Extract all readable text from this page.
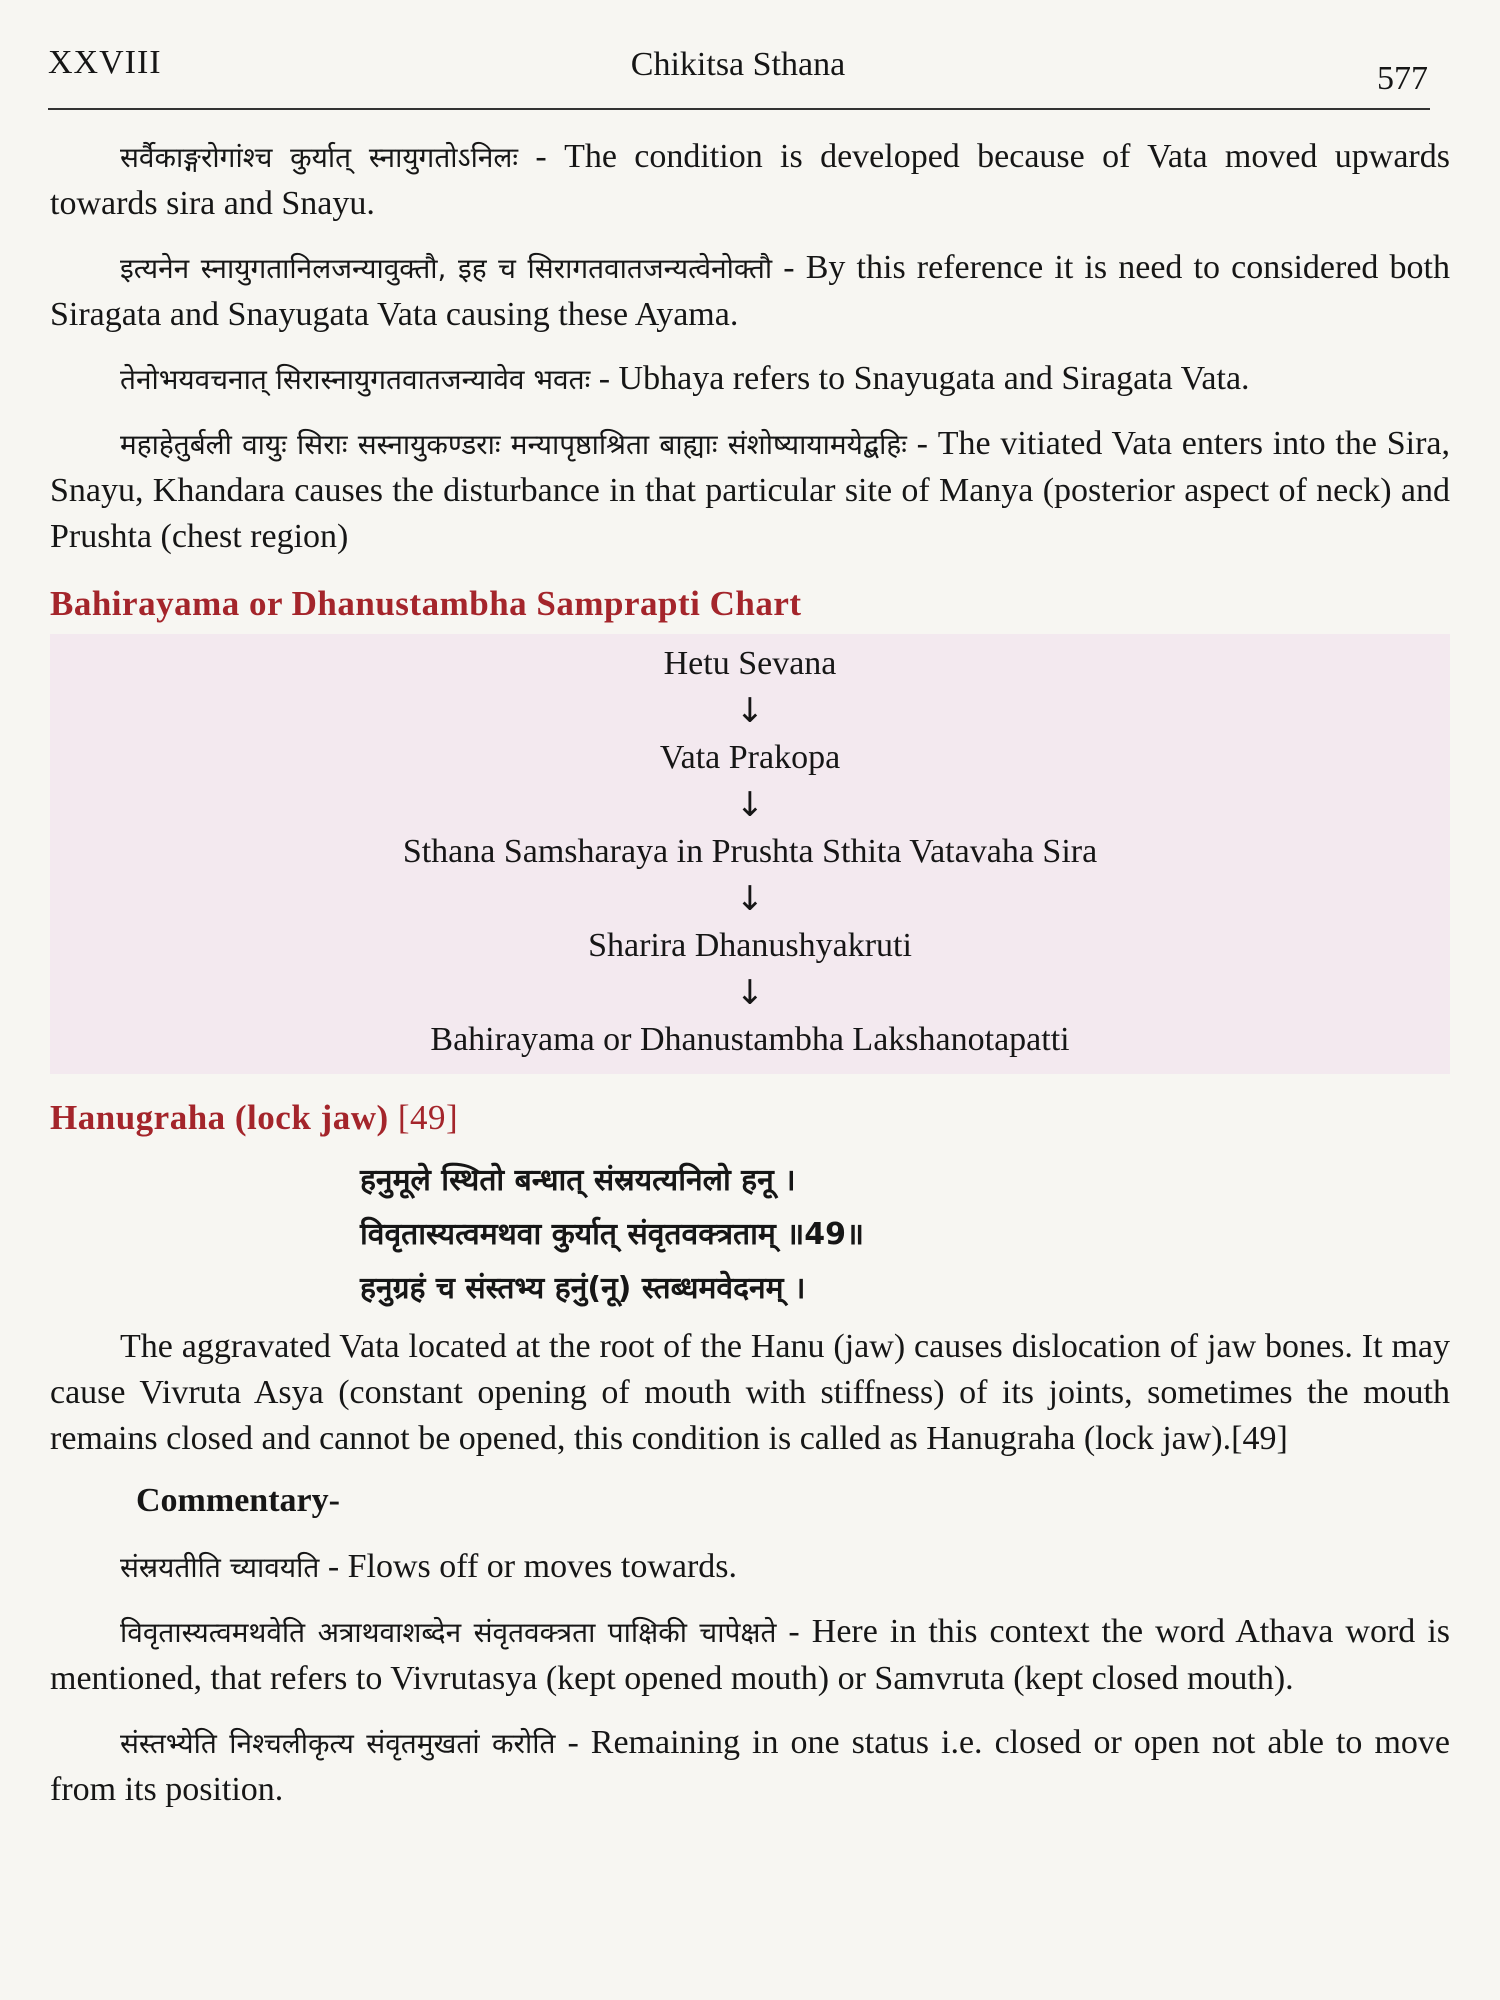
XXVIII	Chikitsa Sthana	577

सर्वैकाङ्गरोगांश्च कुर्यात् स्नायुगतोऽनिलः - The condition is developed because of Vata moved upwards towards sira and Snayu.

इत्यनेन स्नायुगतानिलजन्यावुक्तौ, इह च सिरागतवातजन्यत्वेनोक्तौ - By this reference it is need to considered both Siragata and Snayugata Vata causing these Ayama.

तेनोभयवचनात् सिरास्नायुगतवातजन्यावेव भवतः - Ubhaya refers to Snayugata and Siragata Vata.

महाहेतुर्बली वायुः सिराः सस्नायुकण्डराः मन्यापृष्ठाश्रिता बाह्याः संशोष्यायामयेद्बहिः - The vitiated Vata enters into the Sira, Snayu, Khandara causes the disturbance in that particular site of Manya (posterior aspect of neck) and Prushta (chest region)

Bahirayama or Dhanustambha Samprapti Chart
Hetu Sevana
↓
Vata Prakopa
↓
Sthana Samsharaya in Prushta Sthita Vatavaha Sira
↓
Sharira Dhanushyakruti
↓
Bahirayama or Dhanustambha Lakshanotapatti
Hanugraha (lock jaw) [49]
हनुमूले स्थितो बन्धात् संस्रयत्यनिलो हनू ।
विवृतास्यत्वमथवा कुर्यात् संवृतवक्त्रताम् ॥49॥
हनुग्रहं च संस्तभ्य हनुं(नू) स्तब्धमवेदनम् ।

The aggravated Vata located at the root of the Hanu (jaw) causes dislocation of jaw bones. It may cause Vivruta Asya (constant opening of mouth with stiffness) of its joints, sometimes the mouth remains closed and cannot be opened, this condition is called as Hanugraha (lock jaw).[49]

Commentary-

संस्रयतीति च्यावयति - Flows off or moves towards.

विवृतास्यत्वमथवेति अत्राथवाशब्देन संवृतवक्त्रता पाक्षिकी चापेक्षते - Here in this context the word Athava word is mentioned, that refers to Vivrutasya (kept opened mouth) or Samvruta (kept closed mouth).

संस्तभ्येति निश्चलीकृत्य संवृतमुखतां करोति - Remaining in one status i.e. closed or open not able to move from its position.
